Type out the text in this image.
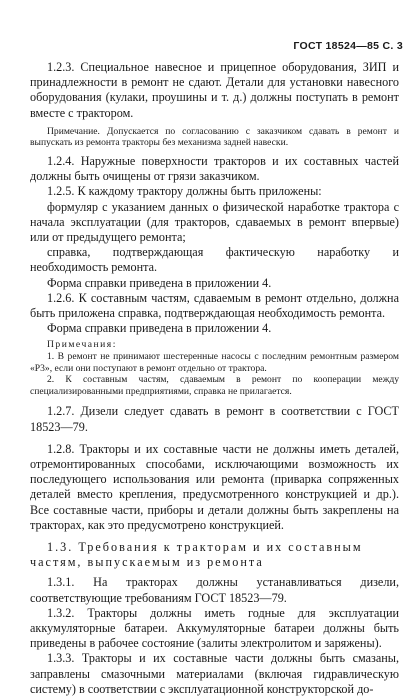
ГОСТ 18524—85 С. 3

1.2.3. Специальное навесное и прицепное оборудования, ЗИП и принадлежности в ремонт не сдают. Детали для установки навесного оборудования (кулаки, проушины и т. д.) должны поступать в ремонт вместе с трактором.

Примечание. Допускается по согласованию с заказчиком сдавать в ремонт и выпускать из ремонта тракторы без механизма задней навески.

1.2.4. Наружные поверхности тракторов и их составных частей должны быть очищены от грязи заказчиком.

1.2.5. К каждому трактору должны быть приложены:

формуляр с указанием данных о физической наработке трактора с начала эксплуатации (для тракторов, сдаваемых в ремонт впервые) или от предыдущего ремонта;

справка, подтверждающая фактическую наработку и необходимость ремонта.

Форма справки приведена в приложении 4.

1.2.6. К составным частям, сдаваемым в ремонт отдельно, должна быть приложена справка, подтверждающая необходимость ремонта.

Форма справки приведена в приложении 4.

Примечания:

1. В ремонт не принимают шестеренные насосы с последним ремонтным размером «Р3», если они поступают в ремонт отдельно от трактора.

2. К составным частям, сдаваемым в ремонт по кооперации между специализированными предприятиями, справка не прилагается.

1.2.7. Дизели следует сдавать в ремонт в соответствии с ГОСТ 18523—79.

1.2.8. Тракторы и их составные части не должны иметь деталей, отремонтированных способами, исключающими возможность их последующего использования или ремонта (приварка сопряженных деталей вместо крепления, предусмотренного конструкцией и др.). Все составные части, приборы и детали должны быть закреплены на тракторах, как это предусмотрено конструкцией.

1.3. Требования к тракторам и их составным частям, выпускаемым из ремонта

1.3.1. На тракторах должны устанавливаться дизели, соответствующие требованиям ГОСТ 18523—79.

1.3.2. Тракторы должны иметь годные для эксплуатации аккумуляторные батареи. Аккумуляторные батареи должны быть приведены в рабочее состояние (залиты электролитом и заряжены).

1.3.3. Тракторы и их составные части должны быть смазаны, заправлены смазочными материалами (включая гидравлическую систему) в соответствии с эксплуатационной конструкторской до-
